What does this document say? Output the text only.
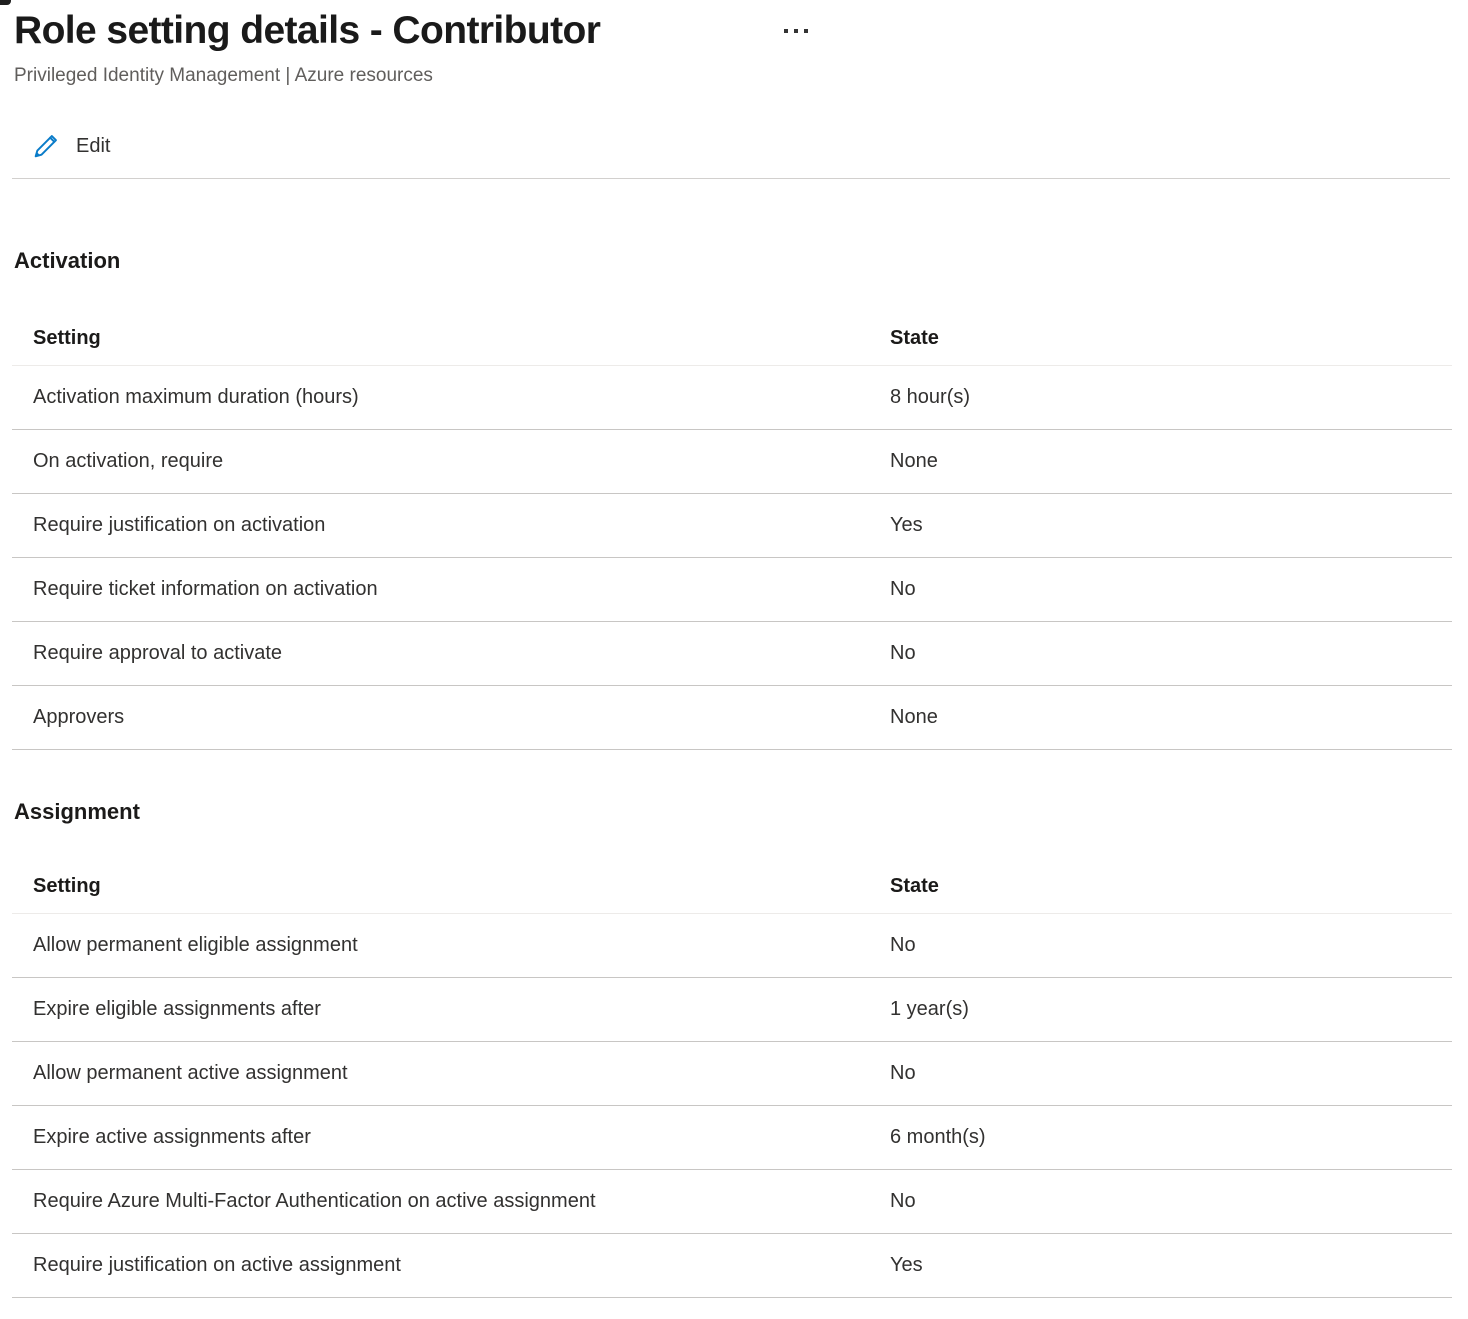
Role setting details - Contributor
Privileged Identity Management | Azure resources
Edit
Activation
Setting	State
Activation maximum duration (hours)	8 hour(s)
On activation, require	None
Require justification on activation	Yes
Require ticket information on activation	No
Require approval to activate	No
Approvers	None
Assignment
Setting	State
Allow permanent eligible assignment	No
Expire eligible assignments after	1 year(s)
Allow permanent active assignment	No
Expire active assignments after	6 month(s)
Require Azure Multi-Factor Authentication on active assignment	No
Require justification on active assignment	Yes
